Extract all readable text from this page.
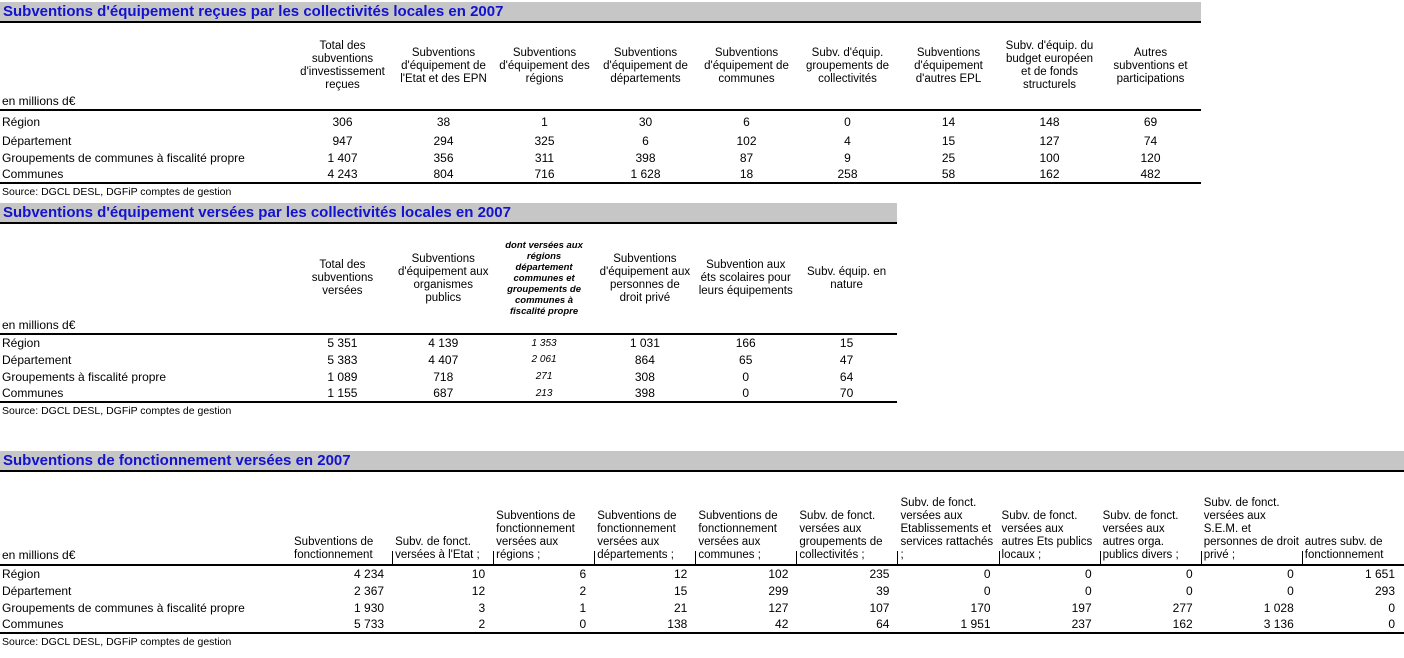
Subventions d'équipement reçues par les collectivités locales en 2007
en millions d€	Total des subventions d'investissement reçues	Subventions d'équipement de l'Etat et des EPN	Subventions d'équipement des régions	Subventions d'équipement de départements	Subventions d'équipement de communes	Subv. d'équip. groupements de collectivités	Subventions d'équipement d'autres EPL	Subv. d'équip. du budget européen et de fonds structurels	Autres subventions et participations
Région	306	38	1	30	6	0	14	148	69
Département	947	294	325	6	102	4	15	127	74
Groupements de communes à fiscalité propre	1 407	356	311	398	87	9	25	100	120
Communes	4 243	804	716	1 628	18	258	58	162	482
Source: DGCL DESL, DGFiP comptes de gestion
Subventions d'équipement versées par les collectivités locales en 2007
en millions d€	Total des subventions versées	Subventions d'équipement aux organismes publics	dont versées aux régions département communes et groupements de communes à fiscalité propre	Subventions d'équipement aux personnes de droit privé	Subvention aux éts scolaires pour leurs équipements	Subv. équip. en nature
Région	5 351	4 139	1 353	1 031	166	15
Département	5 383	4 407	2 061	864	65	47
Groupements à fiscalité propre	1 089	718	271	308	0	64
Communes	1 155	687	213	398	0	70
Source: DGCL DESL, DGFiP comptes de gestion
Subventions de fonctionnement versées en 2007
en millions d€	Subventions de fonctionnement	Subv. de fonct. versées à l'Etat ;	Subventions de fonctionnement versées aux régions ;	Subventions de fonctionnement versées aux départements ;	Subventions de fonctionnement versées aux communes ;	Subv. de fonct. versées aux groupements de collectivités ;	Subv. de fonct. versées aux Etablissements et services rattachés ;	Subv. de fonct. versées aux autres Ets publics locaux ;	Subv. de fonct. versées aux autres orga. publics divers ;	Subv. de fonct. versées aux S.E.M. et personnes de droit privé ;	autres subv. de fonctionnement
Région	4 234	10	6	12	102	235	0	0	0	0	1 651
Département	2 367	12	2	15	299	39	0	0	0	0	293
Groupements de communes à fiscalité propre	1 930	3	1	21	127	107	170	197	277	1 028	0
Communes	5 733	2	0	138	42	64	1 951	237	162	3 136	0
Source: DGCL DESL, DGFiP comptes de gestion
